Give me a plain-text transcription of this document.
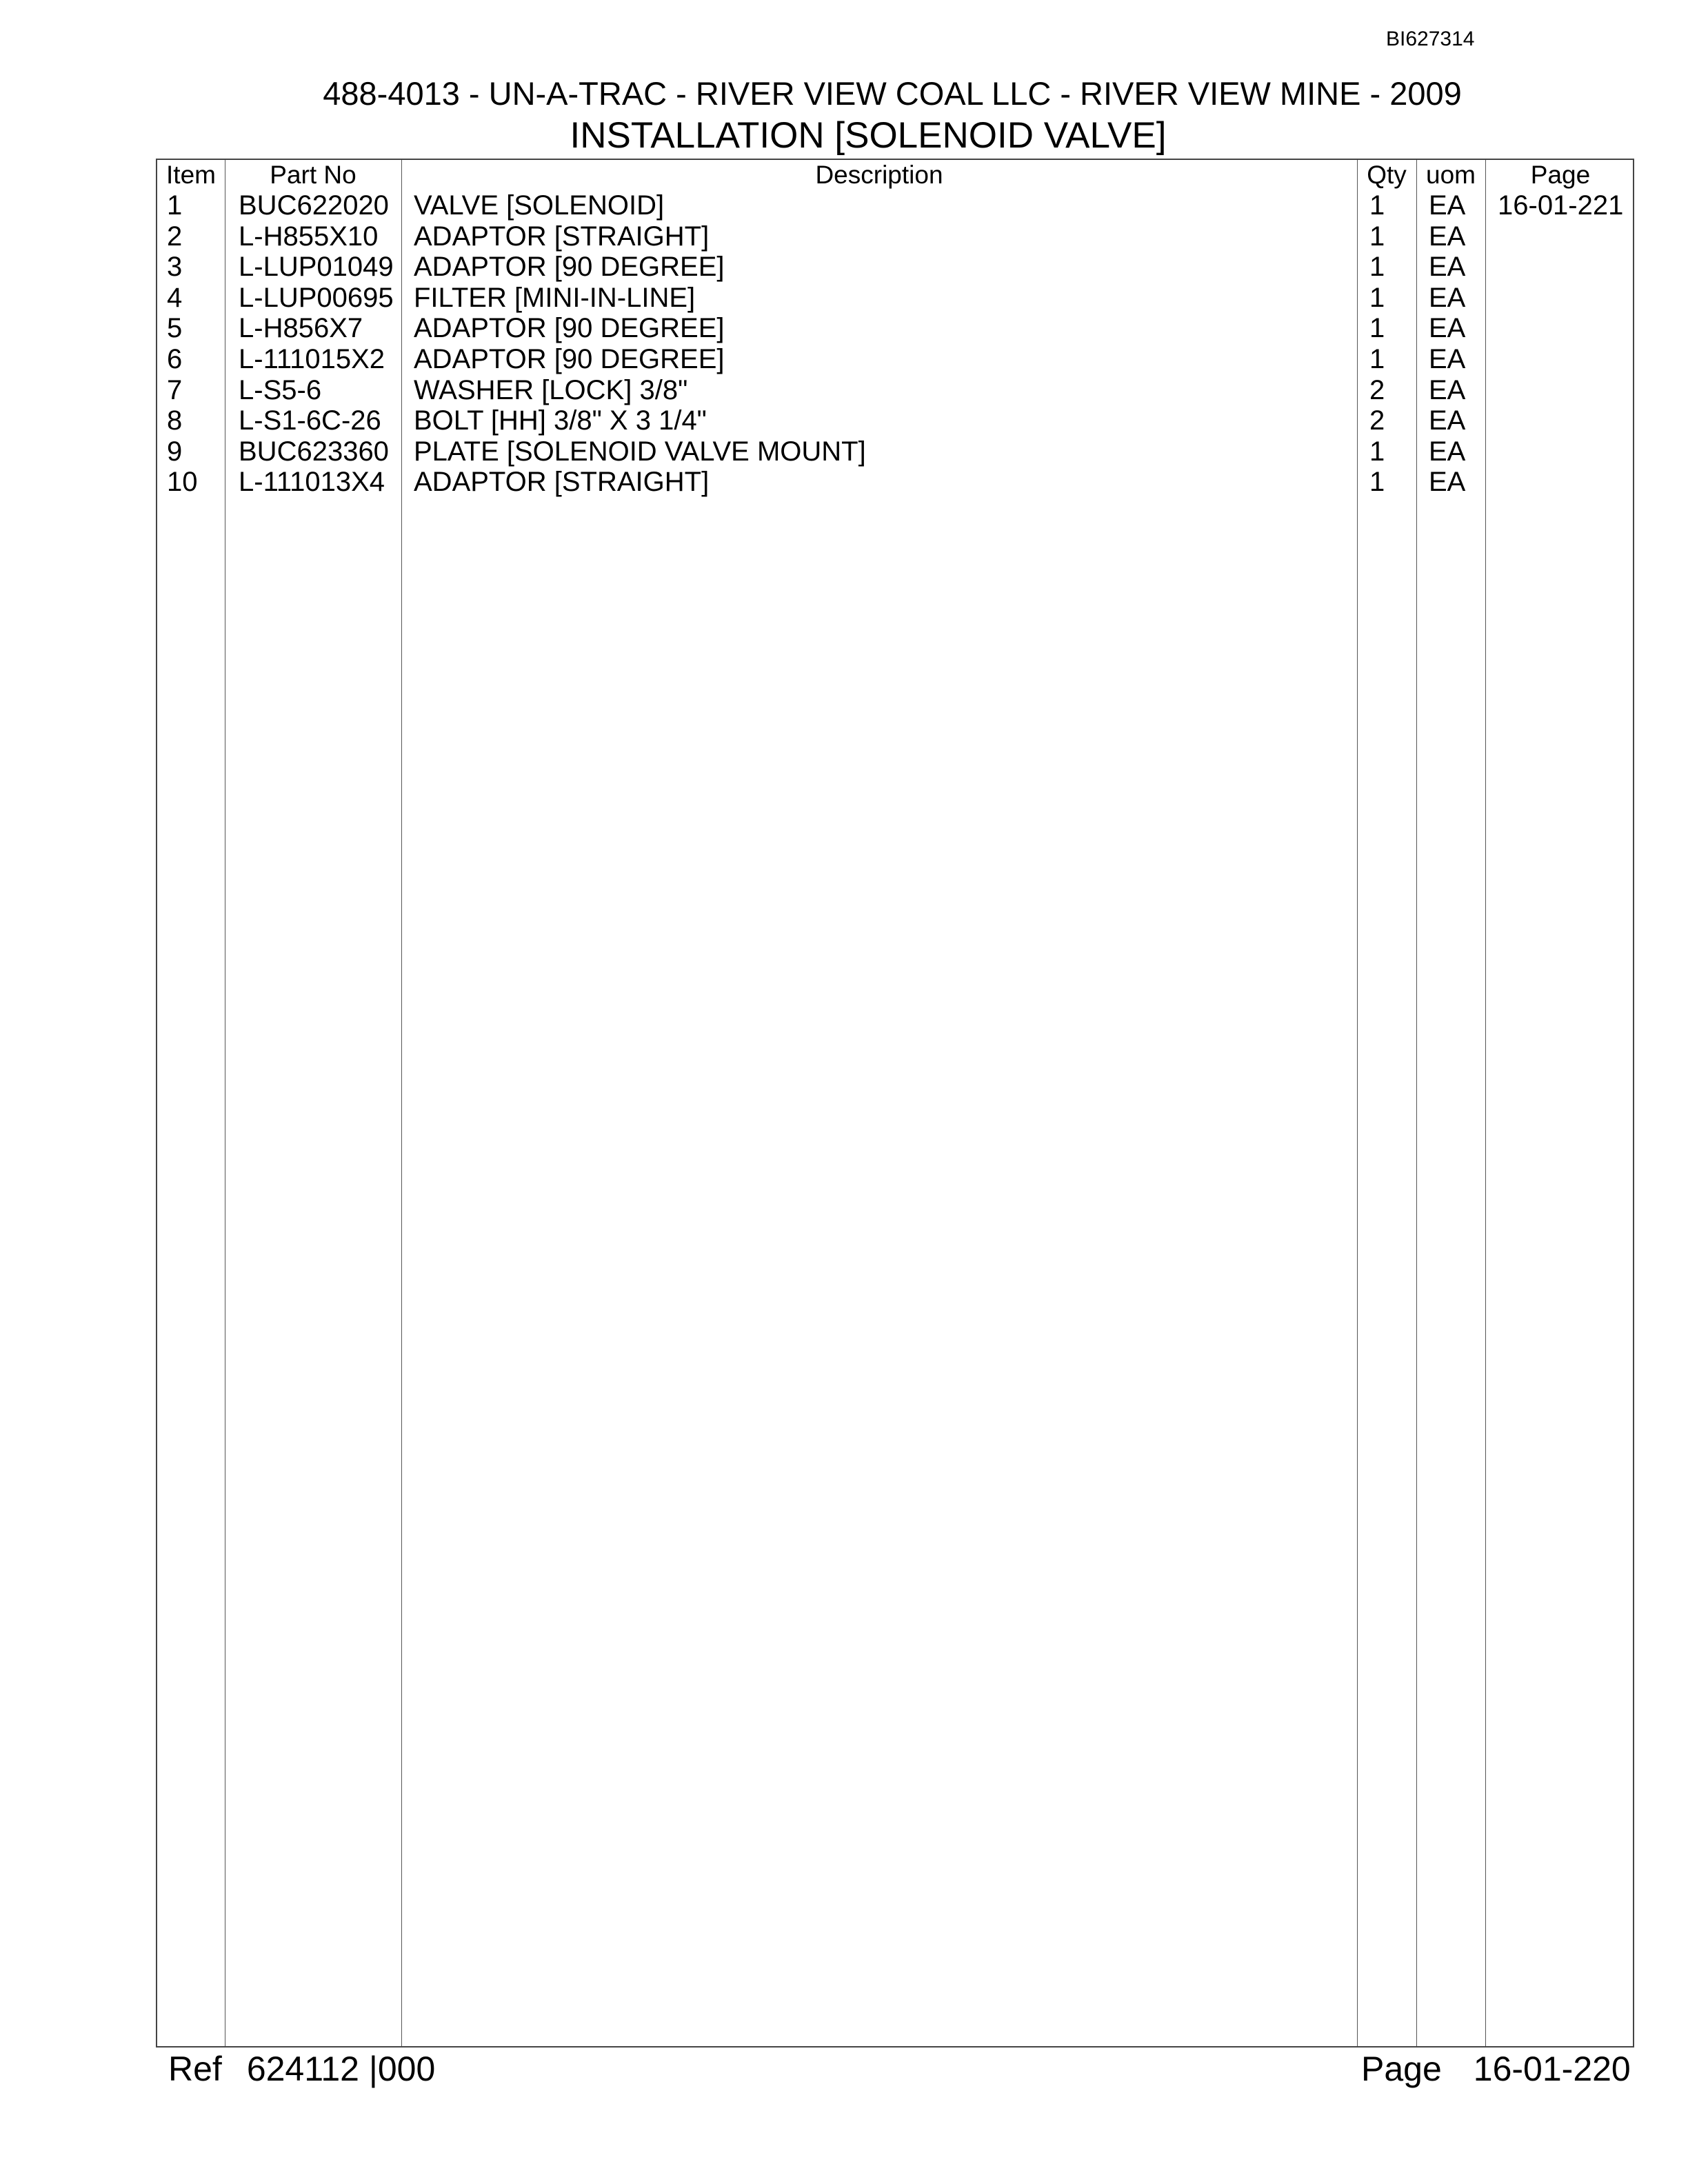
BI627314
488-4013 - UN-A-TRAC - RIVER VIEW COAL LLC - RIVER VIEW MINE - 2009
INSTALLATION [SOLENOID VALVE]
Item	Part No	Description	Qty uom	Page
1 BUC622020 VALVE [SOLENOID]	1 EA 16-01-221
2 L-H855X10 ADAPTOR [STRAIGHT]	1 EA
3 L-LUP01049 ADAPTOR [90 DEGREE]	1 EA
4 L-LUP00695 FILTER [MINI-IN-LINE]	1 EA
5 L-H856X7 ADAPTOR [90 DEGREE]	1 EA
6 L-111015X2 ADAPTOR [90 DEGREE]	1 EA
7 L-S5-6	WASHER [LOCK] 3/8"	2 EA
8 L-S1-6C-26 BOLT [HH] 3/8" X 3 1/4"	2 EA
9 BUC623360 PLATE [SOLENOID VALVE MOUNT]	1 EA
10 L-111013X4 ADAPTOR [STRAIGHT]	1 EA
Ref 624112 |000	Page 16-01-220
